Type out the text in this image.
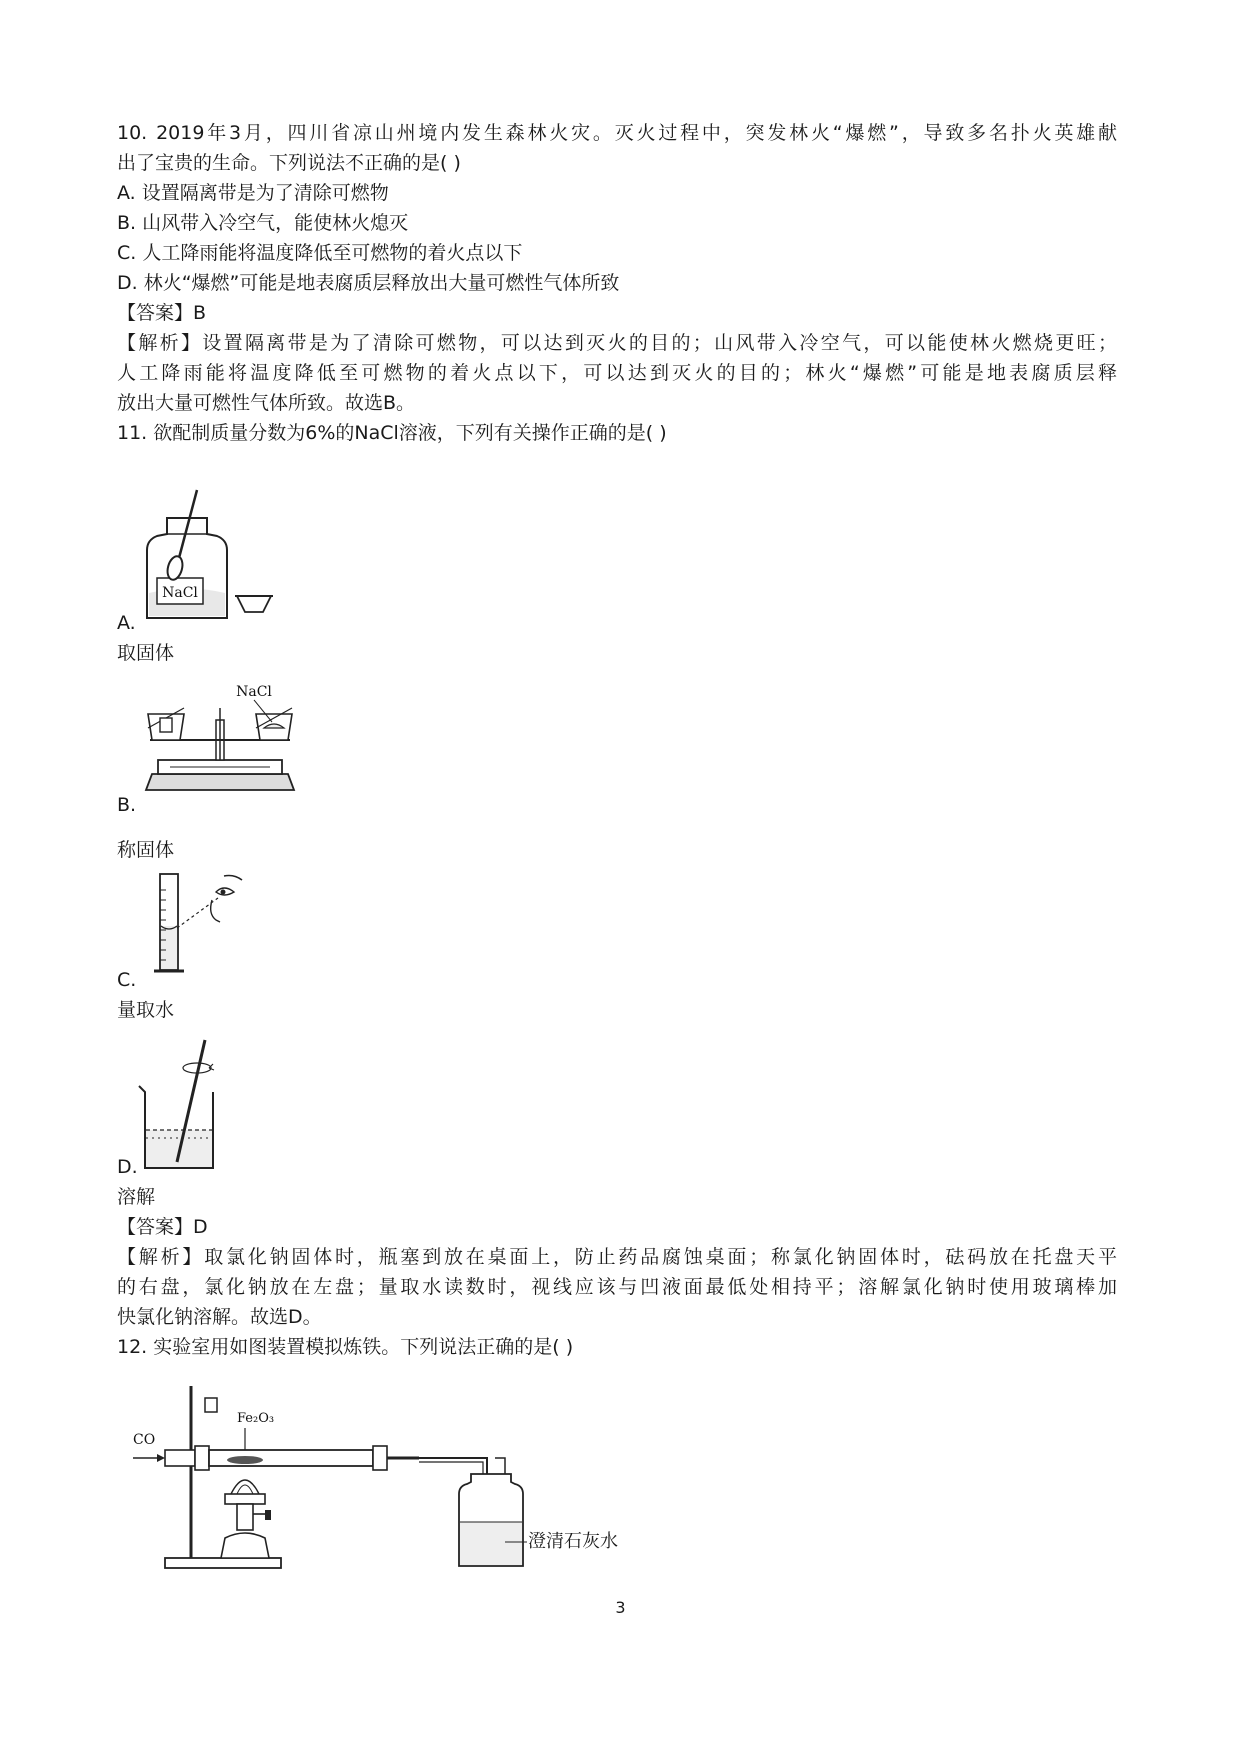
10. 2019年3月，四川省凉山州境内发生森林火灾。灭火过程中，突发林火“爆燃”，导致多名扑火英雄献
出了宝贵的生命。下列说法不正确的是( )
A. 设置隔离带是为了清除可燃物
B. 山风带入冷空气，能使林火熄灭
C. 人工降雨能将温度降低至可燃物的着火点以下
D. 林火“爆燃”可能是地表腐质层释放出大量可燃性气体所致
【答案】B
【解析】设置隔离带是为了清除可燃物，可以达到灭火的目的；山风带入冷空气，可以能使林火燃烧更旺；
人工降雨能将温度降低至可燃物的着火点以下，可以达到灭火的目的；林火“爆燃”可能是地表腐质层释
放出大量可燃性气体所致。故选B。
11. 欲配制质量分数为6%的NaCl溶液，下列有关操作正确的是( )
NaCl
A.
取固体
NaCl
B.
称固体
C.
量取水
D.
溶解
【答案】D
【解析】取氯化钠固体时，瓶塞到放在桌面上，防止药品腐蚀桌面；称氯化钠固体时，砝码放在托盘天平
的右盘，氯化钠放在左盘；量取水读数时，视线应该与凹液面最低处相持平；溶解氯化钠时使用玻璃棒加
快氯化钠溶解。故选D。
12. 实验室用如图装置模拟炼铁。下列说法正确的是( )
CO
Fe₂O₃
澄清石灰水
3
